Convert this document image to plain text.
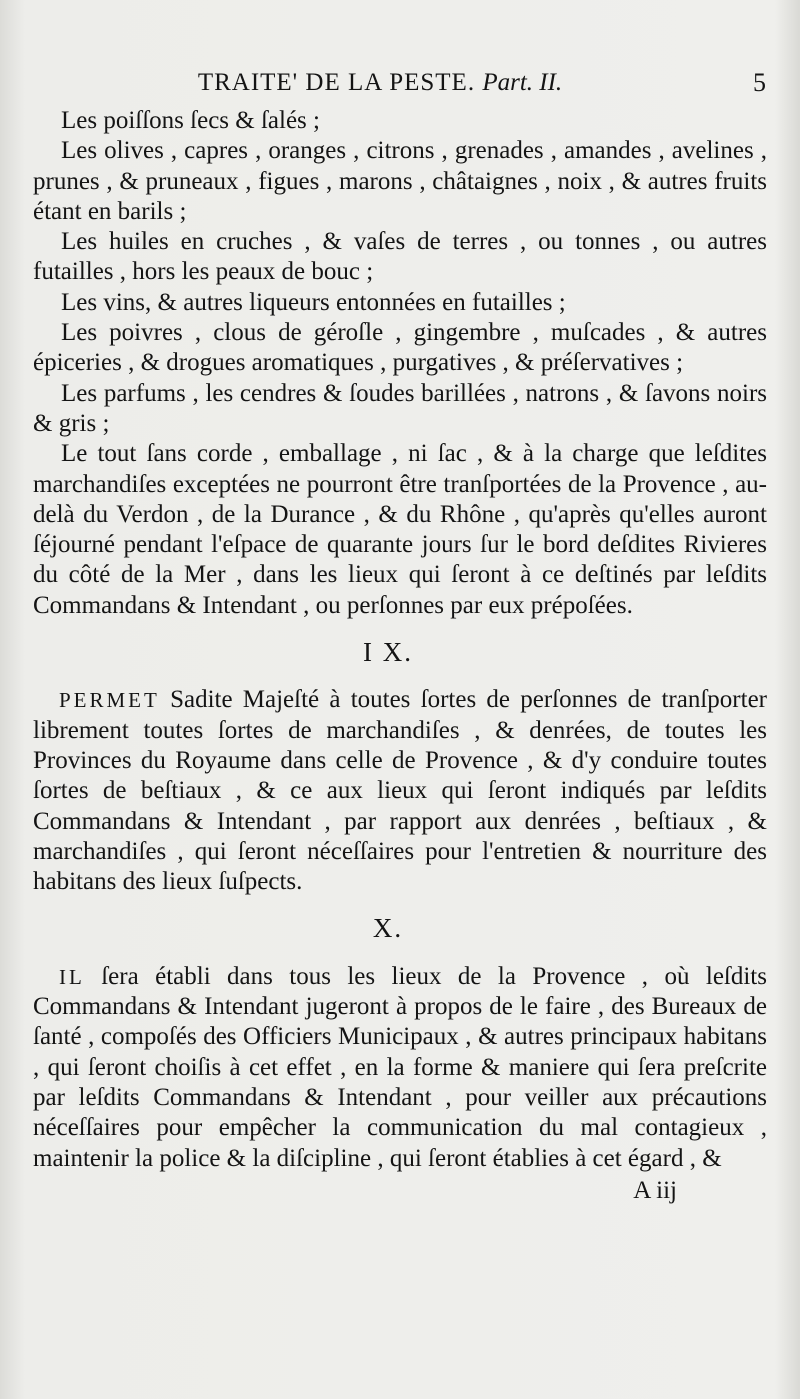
TRAITE' DE LA PESTE. Part. II.	5

Les poiſſons ſecs & ſalés ;

Les olives , capres , oranges , citrons , grenades , amandes , avelines , prunes , & pruneaux , figues , marons , châtaignes , noix , & autres fruits étant en barils ;

Les huiles en cruches , & vaſes de terres , ou tonnes , ou autres futailles , hors les peaux de bouc ;

Les vins, & autres liqueurs entonnées en futailles ;

Les poivres , clous de géroſle , gingembre , muſcades , & autres épiceries , & drogues aromatiques , purgatives , & préſervatives ;

Les parfums , les cendres & ſoudes barillées , natrons , & ſavons noirs & gris ;

Le tout ſans corde , emballage , ni ſac , & à la charge que leſdites marchandiſes exceptées ne pourront être tranſportées de la Provence , au-delà du Verdon , de la Durance , & du Rhône , qu'après qu'elles auront ſéjourné pendant l'eſpace de quarante jours ſur le bord deſdites Rivieres du côté de la Mer , dans les lieux qui ſeront à ce deſtinés par leſdits Commandans & Intendant , ou perſonnes par eux prépoſées.

I X.

PERMET Sadite Majeſté à toutes ſortes de perſonnes de tranſporter librement toutes ſortes de marchandiſes , & denrées, de toutes les Provinces du Royaume dans celle de Provence , & d'y conduire toutes ſortes de beſtiaux , & ce aux lieux qui ſeront indiqués par leſdits Commandans & Intendant , par rapport aux denrées , beſtiaux , & marchandiſes , qui ſeront néceſſaires pour l'entretien & nourriture des habitans des lieux ſuſpects.

X.

IL ſera établi dans tous les lieux de la Provence , où leſdits Commandans & Intendant jugeront à propos de le faire , des Bureaux de ſanté , compoſés des Officiers Municipaux , & autres principaux habitans , qui ſeront choiſis à cet effet , en la forme & maniere qui ſera preſcrite par leſdits Commandans & Intendant , pour veiller aux précautions néceſſaires pour empêcher la communication du mal contagieux , maintenir la police & la diſcipline , qui ſeront établies à cet égard , &

A iij
